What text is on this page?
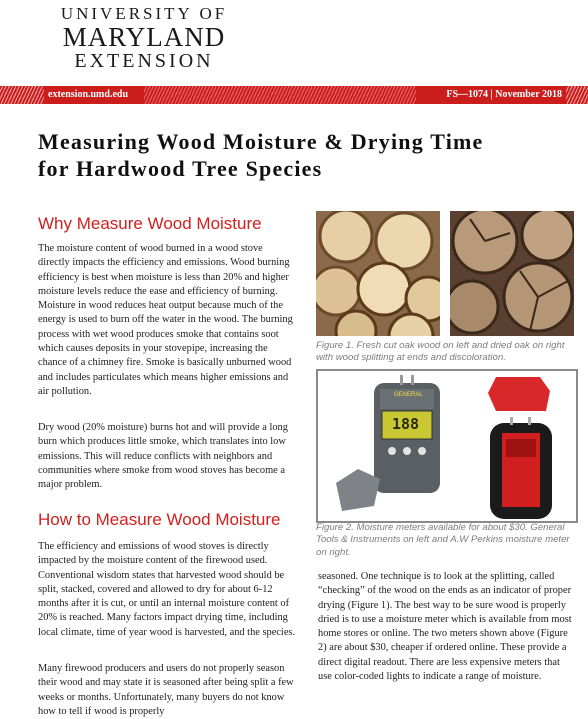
UNIVERSITY OF
MARYLAND
EXTENSION
extension.umd.edu	FS—1074 | November 2018
Measuring Wood Moisture & Drying Time
for Hardwood Tree Species
Why Measure Wood Moisture

The moisture content of wood burned in a wood stove directly impacts the efficiency and emissions. Wood burning efficiency is best when moisture is less than 20% and higher moisture levels reduce the ease and efficiency of burning. Moisture in wood reduces heat output because much of the energy is used to burn off the water in the wood. The burning process with wet wood produces smoke that contains soot which causes deposits in your stovepipe, increasing the chance of a chimney fire. Smoke is basically unburned wood and includes particulates which means higher emissions and air pollution.

Dry wood (20% moisture) burns hot and will provide a long burn which produces little smoke, which translates into low emissions. This will reduce conflicts with neighbors and communities where smoke from wood stoves has become a major problem.

How to Measure Wood Moisture

The efficiency and emissions of wood stoves is directly impacted by the moisture content of the firewood used. Conventional wisdom states that harvested wood should be split, stacked, covered and allowed to dry for about 6-12 months after it is cut, or until an internal moisture content of 20% is reached. Many factors impact drying time, including local climate, time of year wood is harvested, and the species.

Many firewood producers and users do not properly season their wood and may state it is seasoned after being split a few weeks or months. Unfortunately, many buyers do not know how to tell if wood is properly

Figure 1. Fresh cut oak wood on left and dried oak on right with wood splitting at ends and discoloration.

GENERAL
188

Figure 2. Moisture meters available for about $30. General Tools & Instruments on left and A.W Perkins moisture meter on right.

seasoned. One technique is to look at the splitting, called “checking” of the wood on the ends as an indicator of proper drying (Figure 1). The best way to be sure wood is properly dried is to use a moisture meter which is available from most home stores or online. The two meters shown above (Figure 2) are about $30, cheaper if ordered online. These provide a direct digital readout. There are less expensive meters that use color-coded lights to indicate a range of moisture.
